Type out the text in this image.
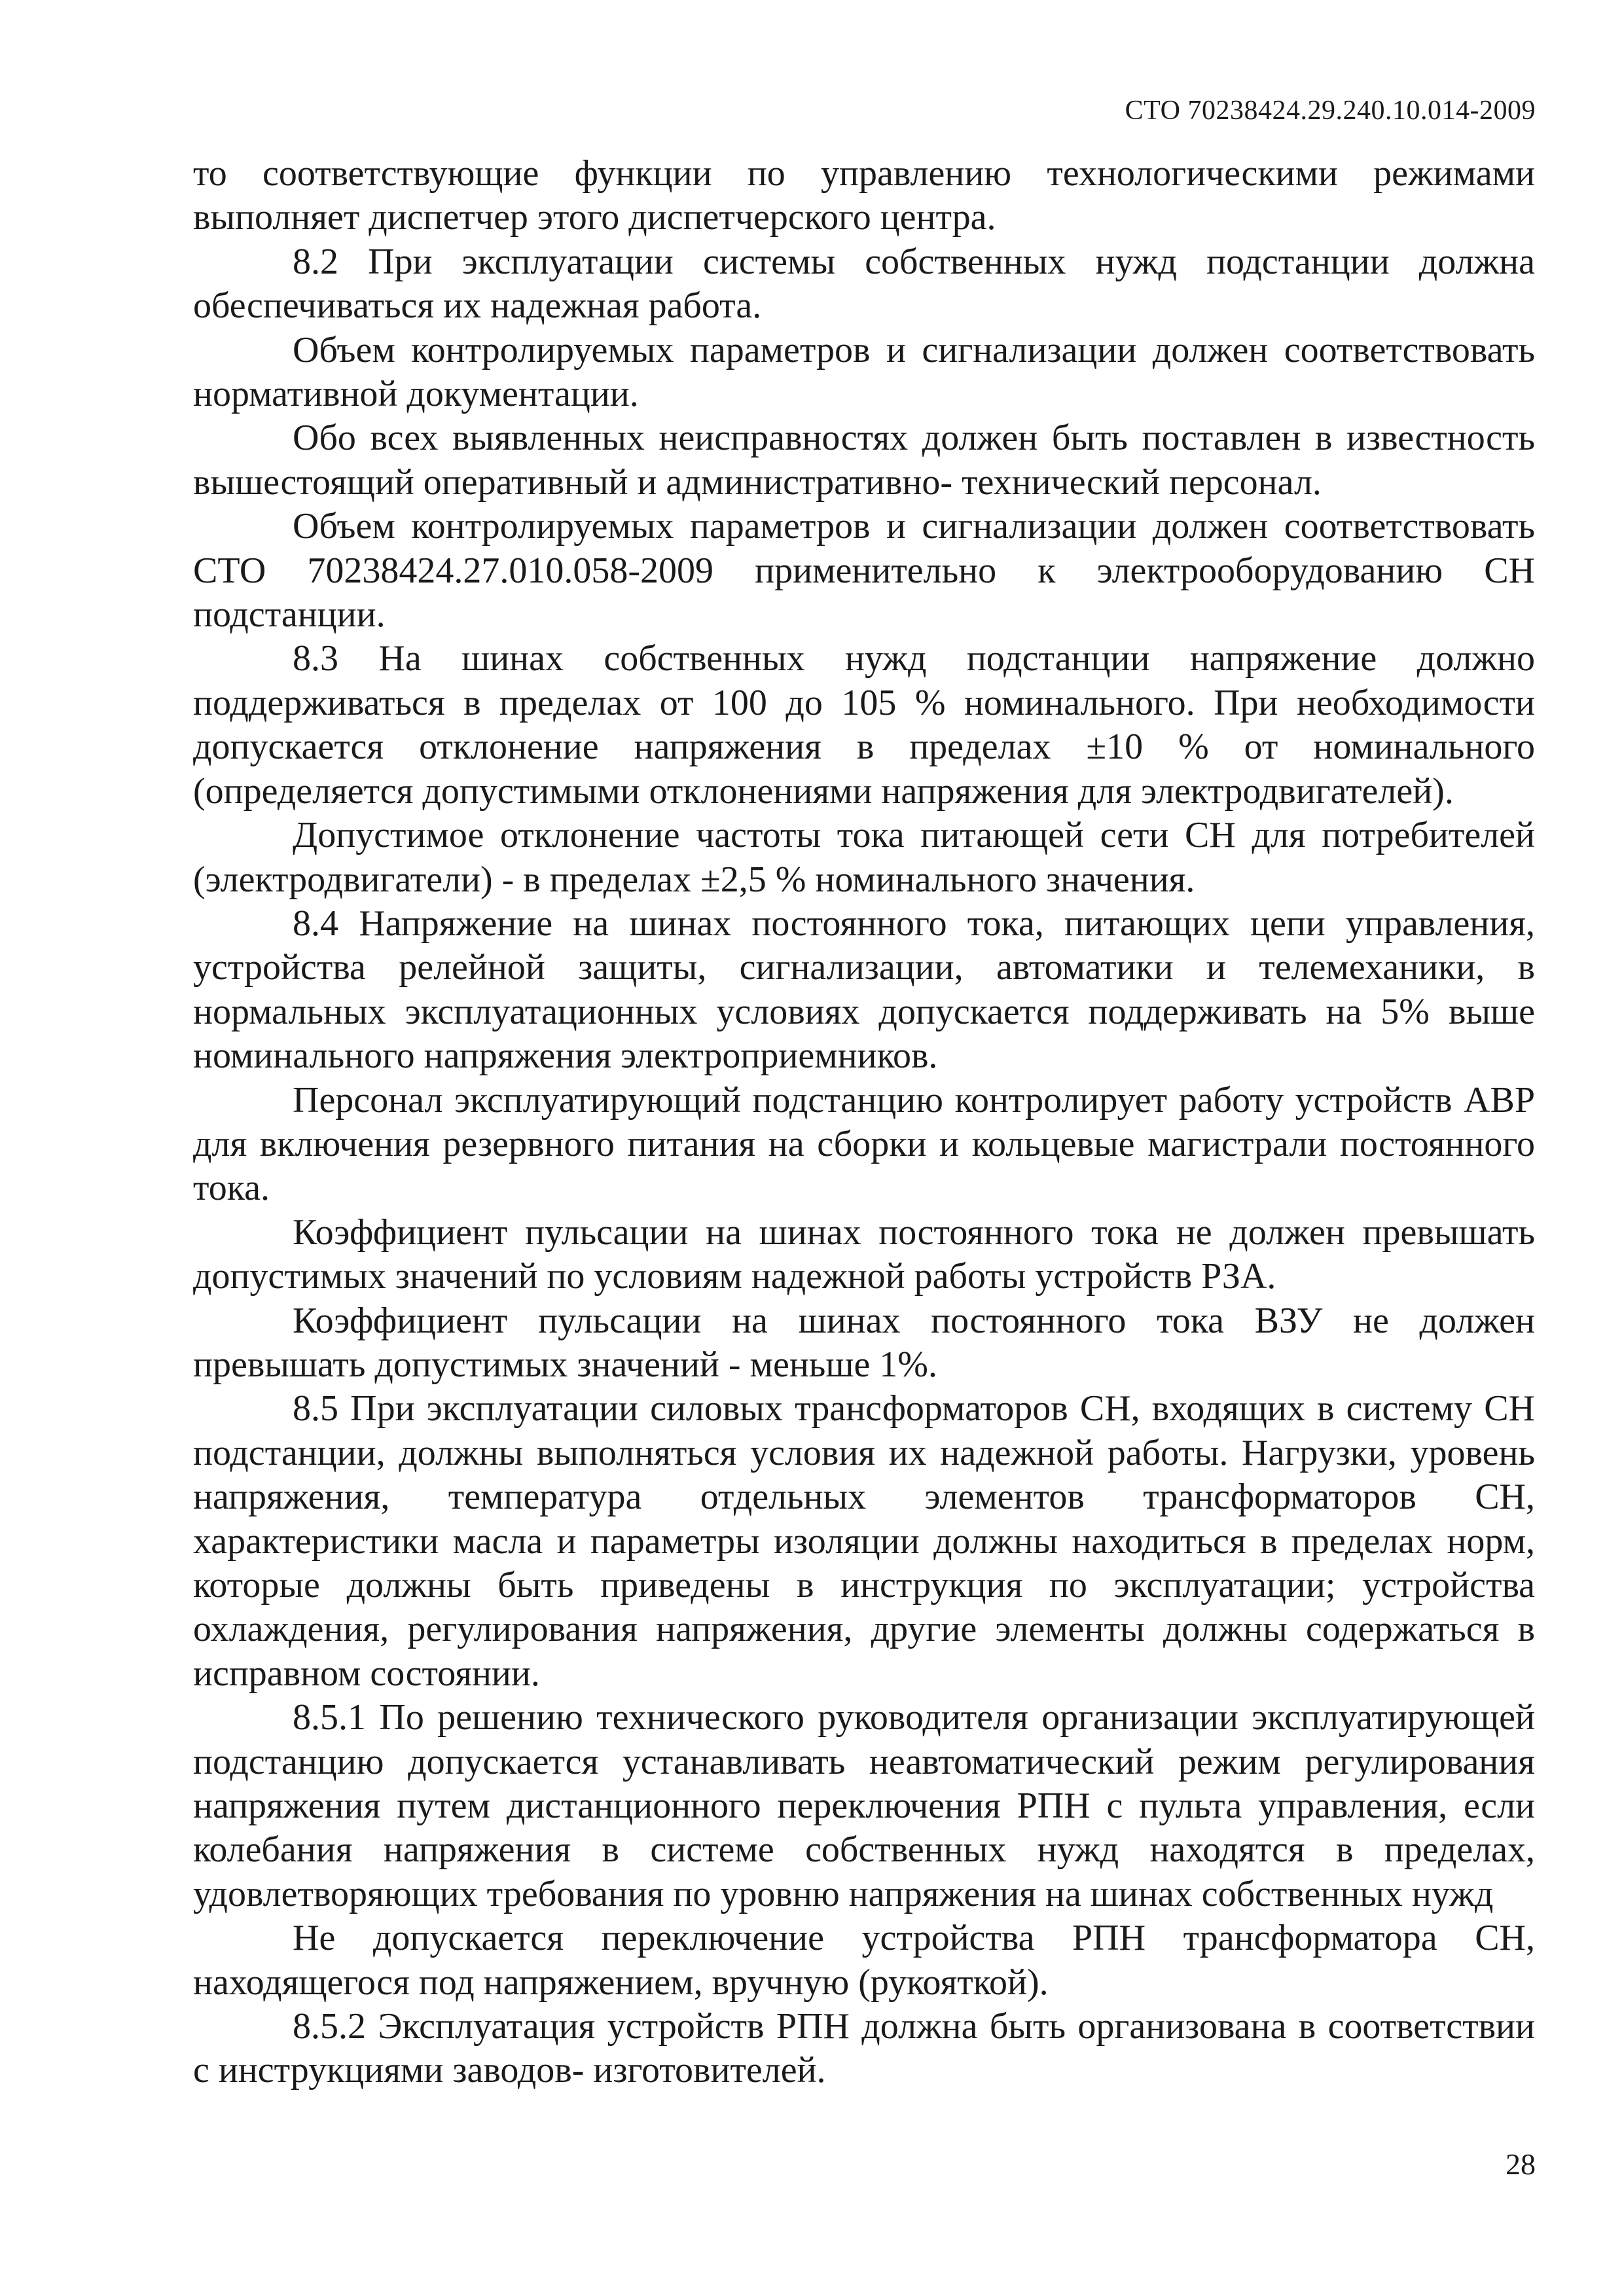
СТО 70238424.29.240.10.014-2009

то соответствующие функции по управлению технологическими режимами выполняет диспетчер этого диспетчерского центра.

8.2 При эксплуатации системы собственных нужд подстанции должна обеспечиваться их надежная работа.

Объем контролируемых параметров и сигнализации должен соответствовать нормативной документации.

Обо всех выявленных неисправностях должен быть поставлен в известность вышестоящий оперативный и административно- технический персонал.

Объем контролируемых параметров и сигнализации должен соответствовать СТО 70238424.27.010.058-2009 применительно к электрооборудованию СН подстанции.

8.3 На шинах собственных нужд подстанции напряжение должно поддерживаться в пределах от 100 до 105 % номинального. При необходимости допускается отклонение напряжения в пределах ±10 % от номинального (определяется допустимыми отклонениями напряжения для электродвигателей).

Допустимое отклонение частоты тока питающей сети СН для потребителей (электродвигатели) - в пределах ±2,5 % номинального значения.

8.4 Напряжение на шинах постоянного тока, питающих цепи управления, устройства релейной защиты, сигнализации, автоматики и телемеханики, в нормальных эксплуатационных условиях допускается поддерживать на 5% выше номинального напряжения электроприемников.

Персонал эксплуатирующий подстанцию контролирует работу устройств АВР для включения резервного питания на сборки и кольцевые магистрали постоянного тока.

Коэффициент пульсации на шинах постоянного тока не должен превышать допустимых значений по условиям надежной работы устройств РЗА.

Коэффициент пульсации на шинах постоянного тока ВЗУ не должен превышать допустимых значений - меньше 1%.

8.5 При эксплуатации силовых трансформаторов СН, входящих в систему СН подстанции, должны выполняться условия их надежной работы. Нагрузки, уровень напряжения, температура отдельных элементов трансформаторов СН, характеристики масла и параметры изоляции должны находиться в пределах норм, которые должны быть приведены в инструкция по эксплуатации; устройства охлаждения, регулирования напряжения, другие элементы должны содержаться в исправном состоянии.

8.5.1 По решению технического руководителя организации эксплуатирующей подстанцию допускается устанавливать неавтоматический режим регулирования напряжения путем дистанционного переключения РПН с пульта управления, если колебания напряжения в системе собственных нужд находятся в пределах, удовлетворяющих требования по уровню напряжения на шинах собственных нужд

Не допускается переключение устройства РПН трансформатора СН, находящегося под напряжением, вручную (рукояткой).

8.5.2 Эксплуатация устройств РПН должна быть организована в соответствии с инструкциями заводов- изготовителей.

28
